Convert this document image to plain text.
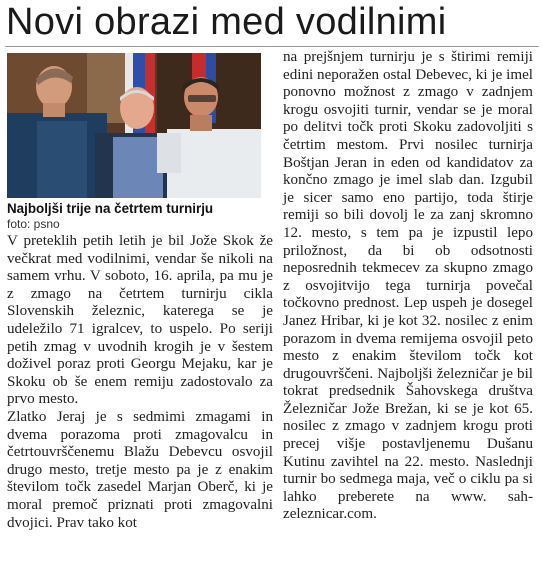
Novi obrazi med vodilnimi
Najboljši trije na četrtem turnirju
foto: psno

V preteklih petih letih je bil Jože Skok že večkrat med vodilnimi, vendar še nikoli na samem vrhu. V soboto, 16. aprila, pa mu je z zmago na četrtem turnirju cikla Slovenskih železnic, katerega se je udeležilo 71 igralcev, to uspelo. Po seriji petih zmag v uvodnih krogih je v šestem doživel poraz proti Georgu Mejaku, kar je Skoku ob še enem remiju zadostovalo za prvo mesto.

Zlatko Jeraj je s sedmimi zmagami in dvema porazoma proti zmagovalcu in četrtouvrščenemu Blažu Debevcu osvojil drugo mesto, tretje mesto pa je z enakim številom točk zasedel Marjan Oberč, ki je moral premoč priznati proti zmagovalni dvojici. Prav tako kot

na prejšnjem turnirju je s štirimi remiji edini neporažen ostal Debevec, ki je imel ponovno možnost z zmago v zadnjem krogu osvojiti turnir, vendar se je moral po delitvi točk proti Skoku zadovoljiti s četrtim mestom. Prvi nosilec turnirja Boštjan Jeran in eden od kandidatov za končno zmago je imel slab dan. Izgubil je sicer samo eno partijo, toda štirje remiji so bili dovolj le za zanj skromno 12. mesto, s tem pa je izpustil lepo priložnost, da bi ob odsotnosti neposrednih tekmecev za skupno zmago z osvojitvijo tega turnirja povečal točkovno prednost. Lep uspeh je dosegel Janez Hribar, ki je kot 32. nosilec z enim porazom in dvema remijema osvojil peto mesto z enakim številom točk kot drugouvrščeni. Najboljši železničar je bil tokrat predsednik Šahovskega društva Železničar Jože Brežan, ki se je kot 65. nosilec z zmago v zadnjem krogu proti precej višje postavljenemu Dušanu Kutinu zavihtel na 22. mesto. Naslednji turnir bo sedmega maja, več o ciklu pa si lahko preberete na www. sah-zeleznicar.com.
